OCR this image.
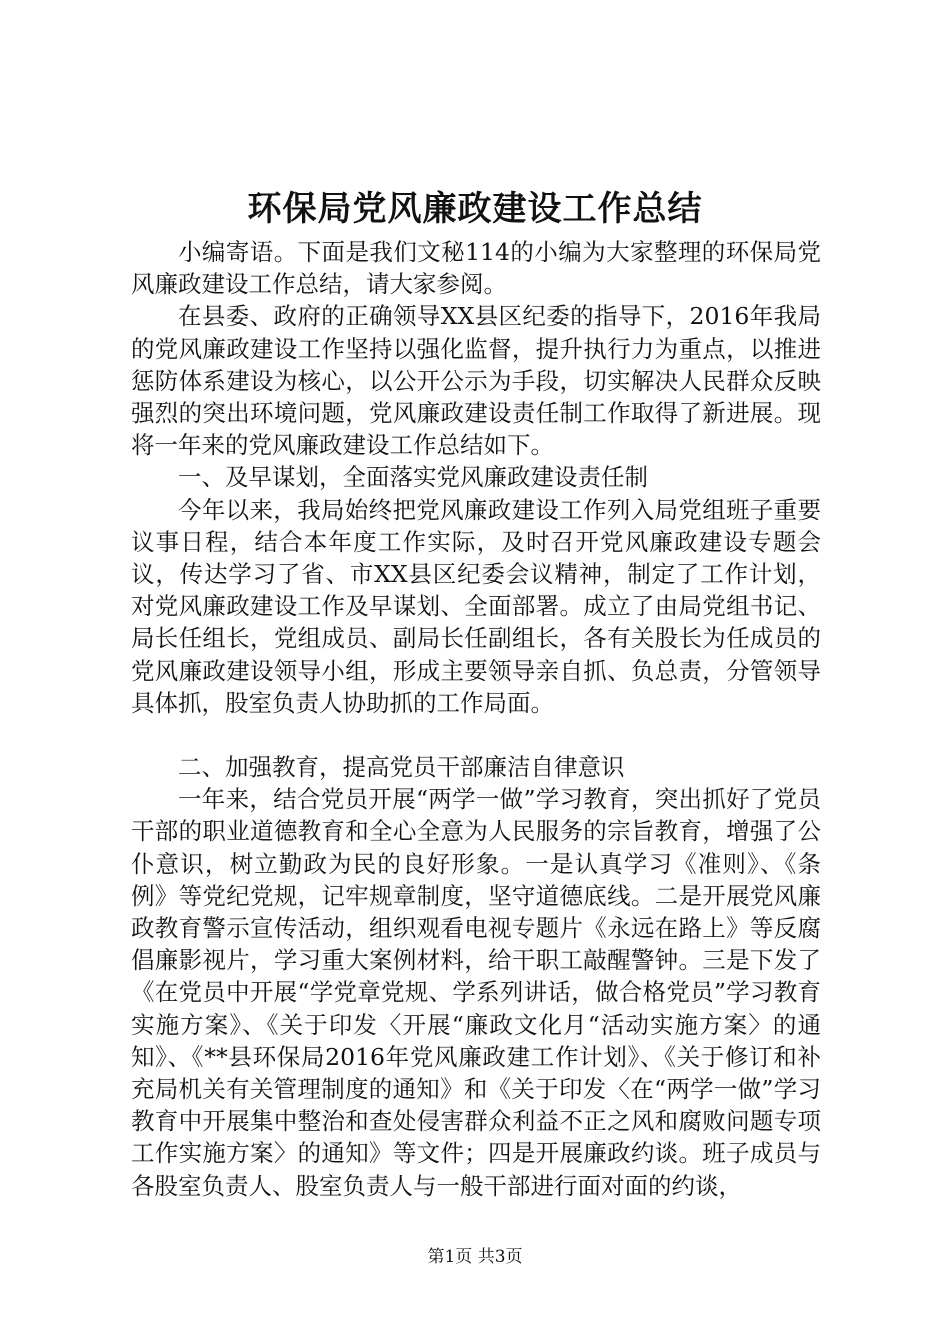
环保局党风廉政建设工作总结

小编寄语。下面是我们文秘114的小编为大家整理的环保局党风廉政建设工作总结，请大家参阅。

在县委、政府的正确领导XX县区纪委的指导下，2016年我局的党风廉政建设工作坚持以强化监督，提升执行力为重点，以推进惩防体系建设为核心，以公开公示为手段，切实解决人民群众反映强烈的突出环境问题，党风廉政建设责任制工作取得了新进展。现将一年来的党风廉政建设工作总结如下。

一、及早谋划，全面落实党风廉政建设责任制

今年以来，我局始终把党风廉政建设工作列入局党组班子重要议事日程，结合本年度工作实际，及时召开党风廉政建设专题会议，传达学习了省、市XX县区纪委会议精神，制定了工作计划，对党风廉政建设工作及早谋划、全面部署。成立了由局党组书记、局长任组长，党组成员、副局长任副组长，各有关股长为任成员的党风廉政建设领导小组，形成主要领导亲自抓、负总责，分管领导具体抓，股室负责人协助抓的工作局面。

二、加强教育，提高党员干部廉洁自律意识

一年来，结合党员开展“两学一做”学习教育，突出抓好了党员干部的职业道德教育和全心全意为人民服务的宗旨教育，增强了公仆意识，树立勤政为民的良好形象。一是认真学习《准则》、《条例》等党纪党规，记牢规章制度，坚守道德底线。二是开展党风廉政教育警示宣传活动，组织观看电视专题片《永远在路上》等反腐倡廉影视片，学习重大案例材料，给干职工敲醒警钟。三是下发了《在党员中开展“学党章党规、学系列讲话，做合格党员”学习教育实施方案》、《关于印发〈开展“廉政文化月“活动实施方案〉的通知》、《**县环保局2016年党风廉政建工作计划》、《关于修订和补充局机关有关管理制度的通知》和《关于印发〈在“两学一做”学习教育中开展集中整治和查处侵害群众利益不正之风和腐败问题专项工作实施方案〉的通知》等文件；四是开展廉政约谈。班子成员与各股室负责人、股室负责人与一般干部进行面对面的约谈，

第1页 共3页
